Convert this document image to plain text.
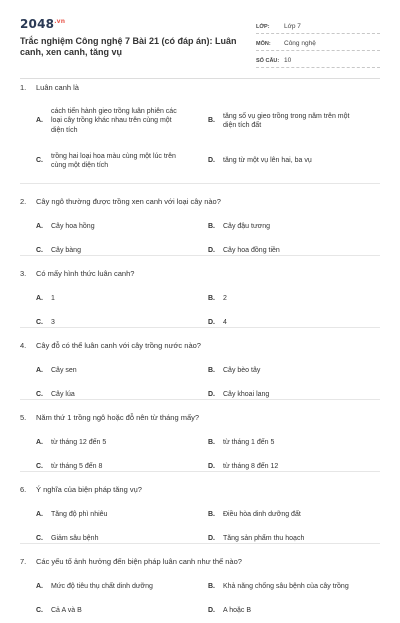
$2048^{.vn}$
Trắc nghiệm Công nghệ 7 Bài 21 (có đáp án): Luân canh, xen canh, tăng vụ
LỚP:	Lớp 7
MÔN:	Công nghệ
SỐ CÂU: 10
1.	Luân canh là
A.
cách tiến hành gieo trồng luân phiên các loại cây trồng khác nhau trên cùng một diện tích
B.
tăng số vụ gieo trồng trong năm trên một diện tích đất
C.
trồng hai loại hoa màu cùng một lúc trên cùng một diện tích
D.	tăng từ một vụ lên hai, ba vụ
2.	Cây ngô thường được trồng xen canh với loại cây nào?
A.	Cây hoa hồng	B.	Cây đậu tương
C.	Cây bàng	D.	Cây hoa đồng tiền
3.	Có mấy hình thức luân canh?
A.	1	B.	2
C.	3	D.	4
4.	Cây đỗ có thể luân canh với cây trồng nước nào?
A.	Cây sen	B.	Cây bèo tây
C.	Cây lúa	D.	Cây khoai lang
5.	Năm thứ 1 trồng ngô hoặc đỗ nên từ tháng mấy?
A.	từ tháng 12 đến 5	B.	từ tháng 1 đến 5
C.	từ tháng 5 đến 8	D.	từ tháng 8 đến 12
6.	Ý nghĩa của biện pháp tăng vụ?
A.	Tăng độ phì nhiêu	B.	Điều hòa dinh dưỡng đất
C.	Giảm sâu bệnh	D.	Tăng sản phẩm thu hoạch
7.	Các yếu tố ảnh hưởng đến biện pháp luân canh như thế nào?
A.	Mức độ tiêu thụ chất dinh dưỡng	B.	Khả năng chống sâu bệnh của cây trồng
C.	Cả A và B	D.	A hoặc B
